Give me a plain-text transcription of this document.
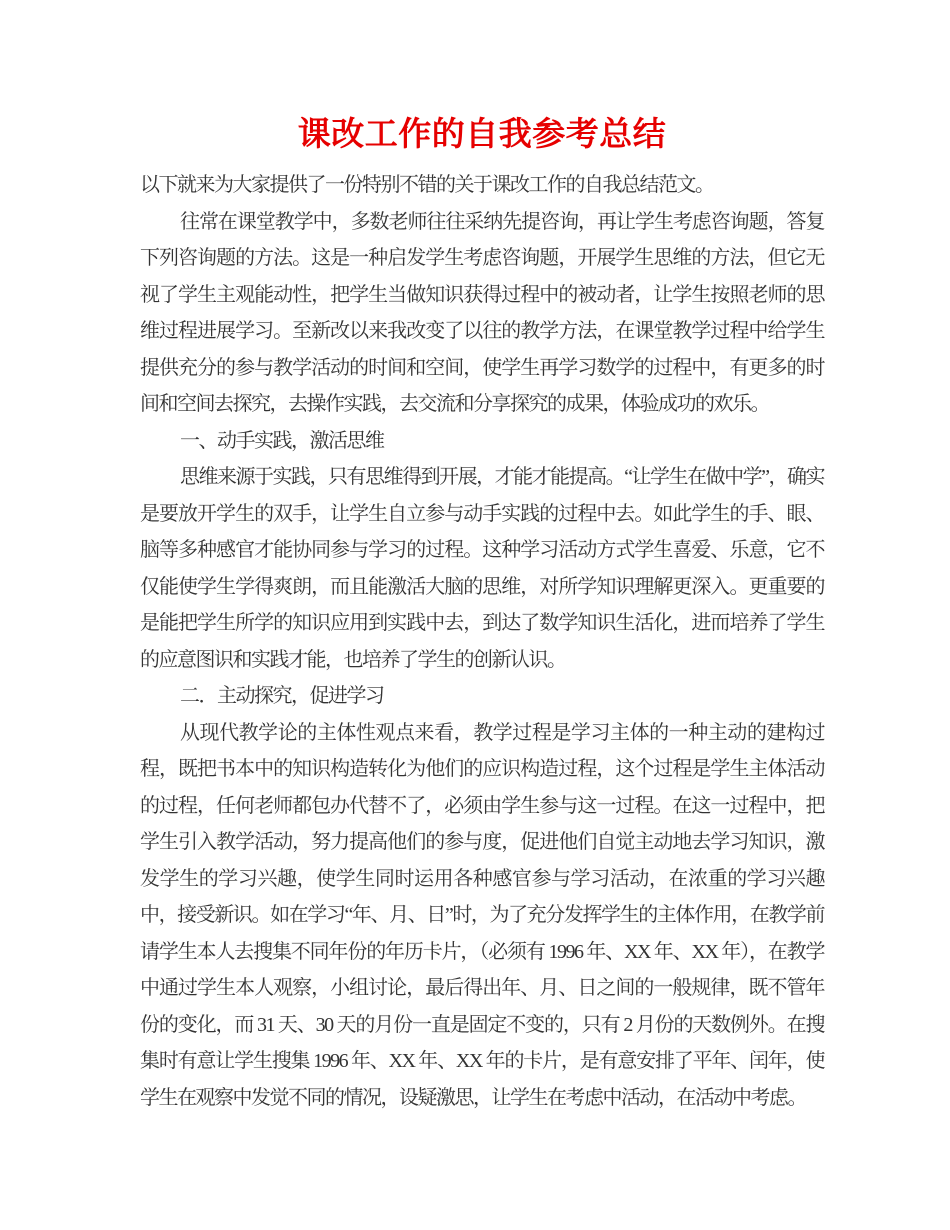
课改工作的自我参考总结

以下就来为大家提供了一份特别不错的关于课改工作的自我总结范文。

往常在课堂教学中，多数老师往往采纳先提咨询，再让学生考虑咨询题，答复下列咨询题的方法。这是一种启发学生考虑咨询题，开展学生思维的方法，但它无视了学生主观能动性，把学生当做知识获得过程中的被动者，让学生按照老师的思维过程进展学习。至新改以来我改变了以往的教学方法，在课堂教学过程中给学生提供充分的参与教学活动的时间和空间，使学生再学习数学的过程中，有更多的时间和空间去探究，去操作实践，去交流和分享探究的成果，体验成功的欢乐。

一、动手实践，激活思维

思维来源于实践，只有思维得到开展，才能才能提高。“让学生在做中学”，确实是要放开学生的双手，让学生自立参与动手实践的过程中去。如此学生的手、眼、脑等多种感官才能协同参与学习的过程。这种学习活动方式学生喜爱、乐意，它不仅能使学生学得爽朗，而且能激活大脑的思维，对所学知识理解更深入。更重要的是能把学生所学的知识应用到实践中去，到达了数学知识生活化，进而培养了学生的应意图识和实践才能，也培养了学生的创新认识。

二．主动探究，促进学习

从现代教学论的主体性观点来看，教学过程是学习主体的一种主动的建构过程，既把书本中的知识构造转化为他们的应识构造过程，这个过程是学生主体活动的过程，任何老师都包办代替不了，必须由学生参与这一过程。在这一过程中，把学生引入教学活动，努力提高他们的参与度，促进他们自觉主动地去学习知识，激发学生的学习兴趣，使学生同时运用各种感官参与学习活动，在浓重的学习兴趣中，接受新识。如在学习“年、月、日”时，为了充分发挥学生的主体作用，在教学前请学生本人去搜集不同年份的年历卡片，（必须有 1996 年、XX 年、XX 年），在教学中通过学生本人观察，小组讨论，最后得出年、月、日之间的一般规律，既不管年份的变化，而 31 天、30 天的月份一直是固定不变的，只有 2 月份的天数例外。在搜集时有意让学生搜集 1996 年、XX 年、XX 年的卡片，是有意安排了平年、闰年，使学生在观察中发觉不同的情况，设疑激思，让学生在考虑中活动，在活动中考虑。
